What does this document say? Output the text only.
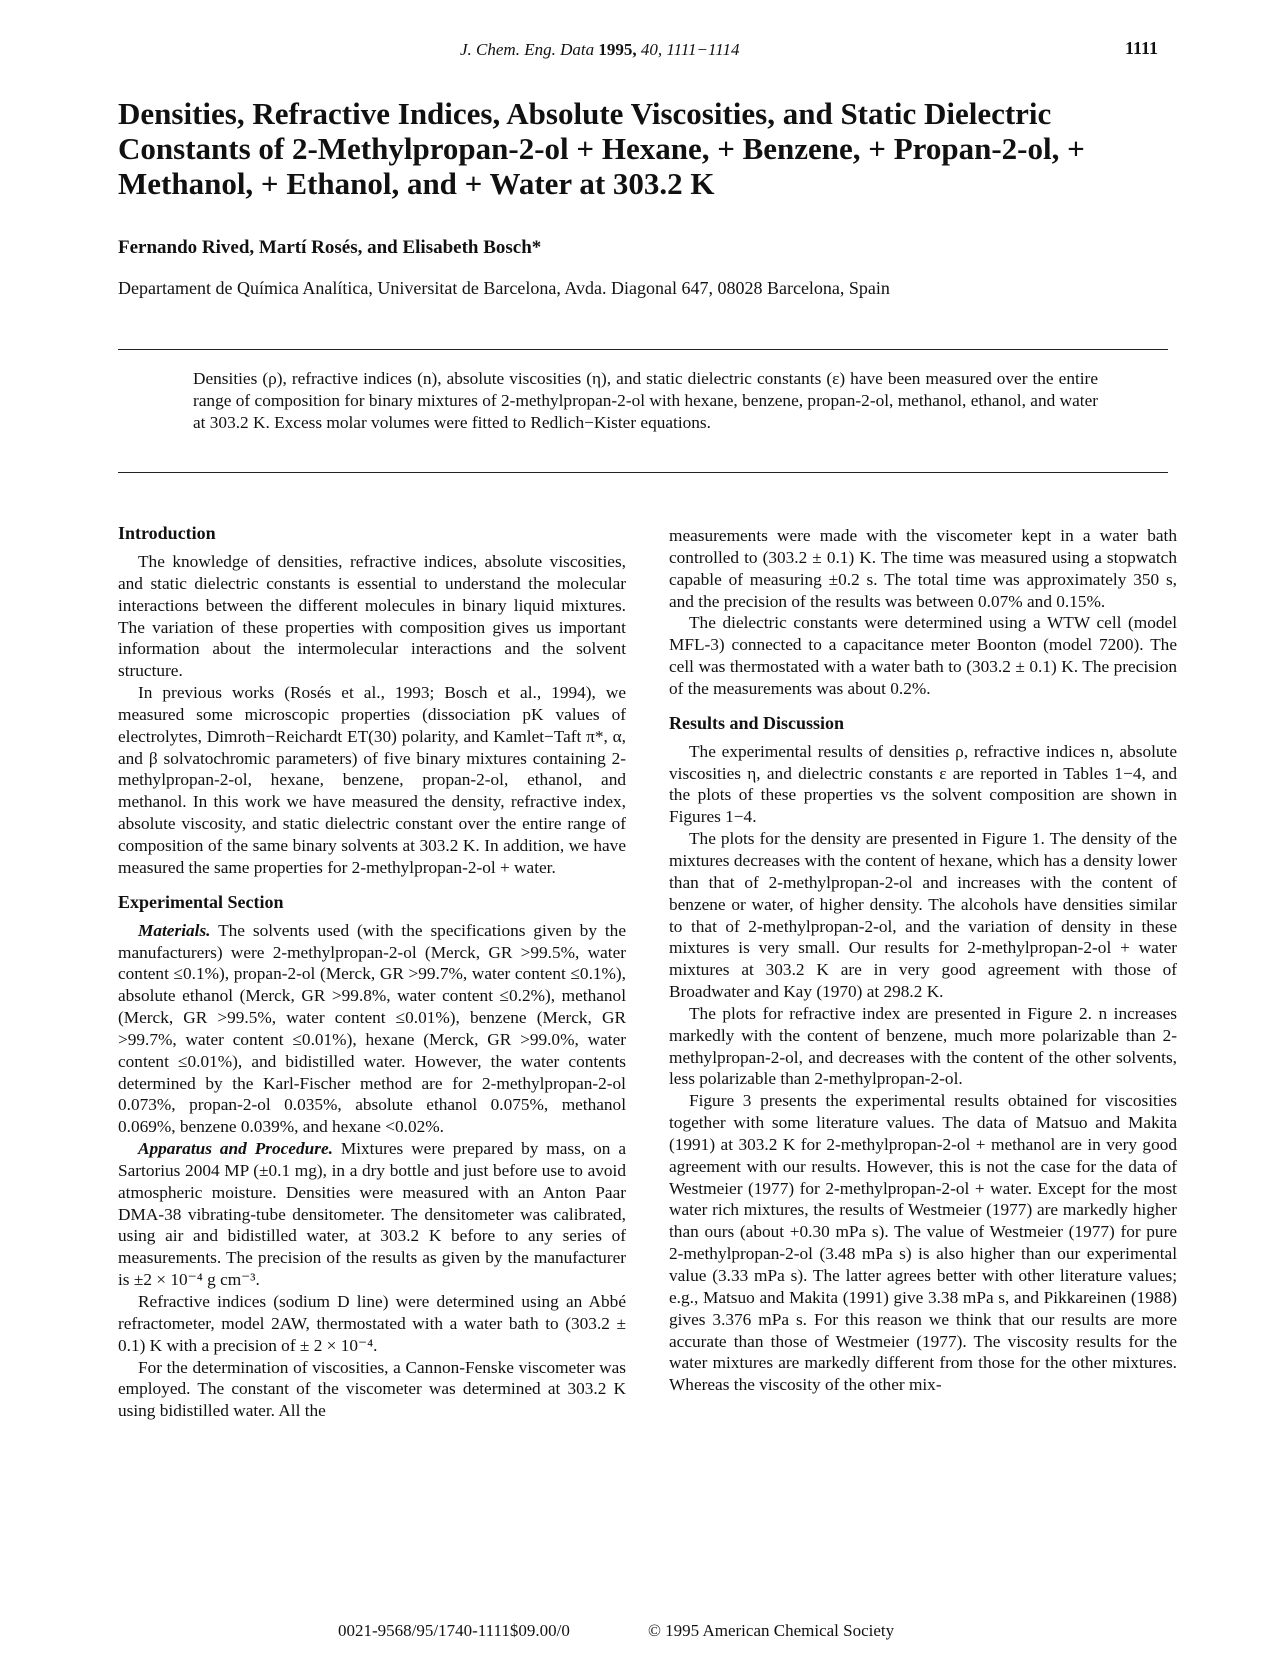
J. Chem. Eng. Data 1995, 40, 1111−1114	1111
Densities, Refractive Indices, Absolute Viscosities, and Static Dielectric Constants of 2-Methylpropan-2-ol + Hexane, + Benzene, + Propan-2-ol, + Methanol, + Ethanol, and + Water at 303.2 K
Fernando Rived, Martí Rosés, and Elisabeth Bosch*
Departament de Química Analítica, Universitat de Barcelona, Avda. Diagonal 647, 08028 Barcelona, Spain
Densities (ρ), refractive indices (n), absolute viscosities (η), and static dielectric constants (ε) have been measured over the entire range of composition for binary mixtures of 2-methylpropan-2-ol with hexane, benzene, propan-2-ol, methanol, ethanol, and water at 303.2 K. Excess molar volumes were fitted to Redlich−Kister equations.
Introduction

The knowledge of densities, refractive indices, absolute viscosities, and static dielectric constants is essential to understand the molecular interactions between the different molecules in binary liquid mixtures. The variation of these properties with composition gives us important information about the intermolecular interactions and the solvent structure.

In previous works (Rosés et al., 1993; Bosch et al., 1994), we measured some microscopic properties (dissociation pK values of electrolytes, Dimroth−Reichardt ET(30) polarity, and Kamlet−Taft π*, α, and β solvatochromic parameters) of five binary mixtures containing 2-methylpropan-2-ol, hexane, benzene, propan-2-ol, ethanol, and methanol. In this work we have measured the density, refractive index, absolute viscosity, and static dielectric constant over the entire range of composition of the same binary solvents at 303.2 K. In addition, we have measured the same properties for 2-methylpropan-2-ol + water.

Experimental Section

Materials. The solvents used (with the specifications given by the manufacturers) were 2-methylpropan-2-ol (Merck, GR >99.5%, water content ≤0.1%), propan-2-ol (Merck, GR >99.7%, water content ≤0.1%), absolute ethanol (Merck, GR >99.8%, water content ≤0.2%), methanol (Merck, GR >99.5%, water content ≤0.01%), benzene (Merck, GR >99.7%, water content ≤0.01%), hexane (Merck, GR >99.0%, water content ≤0.01%), and bidistilled water. However, the water contents determined by the Karl-Fischer method are for 2-methylpropan-2-ol 0.073%, propan-2-ol 0.035%, absolute ethanol 0.075%, methanol 0.069%, benzene 0.039%, and hexane <0.02%.

Apparatus and Procedure. Mixtures were prepared by mass, on a Sartorius 2004 MP (±0.1 mg), in a dry bottle and just before use to avoid atmospheric moisture. Densities were measured with an Anton Paar DMA-38 vibrating-tube densitometer. The densitometer was calibrated, using air and bidistilled water, at 303.2 K before to any series of measurements. The precision of the results as given by the manufacturer is ±2 × 10⁻⁴ g cm⁻³.

Refractive indices (sodium D line) were determined using an Abbé refractometer, model 2AW, thermostated with a water bath to (303.2 ± 0.1) K with a precision of ± 2 × 10⁻⁴.

For the determination of viscosities, a Cannon-Fenske viscometer was employed. The constant of the viscometer was determined at 303.2 K using bidistilled water. All the

measurements were made with the viscometer kept in a water bath controlled to (303.2 ± 0.1) K. The time was measured using a stopwatch capable of measuring ±0.2 s. The total time was approximately 350 s, and the precision of the results was between 0.07% and 0.15%.

The dielectric constants were determined using a WTW cell (model MFL-3) connected to a capacitance meter Boonton (model 7200). The cell was thermostated with a water bath to (303.2 ± 0.1) K. The precision of the measurements was about 0.2%.

Results and Discussion

The experimental results of densities ρ, refractive indices n, absolute viscosities η, and dielectric constants ε are reported in Tables 1−4, and the plots of these properties vs the solvent composition are shown in Figures 1−4.

The plots for the density are presented in Figure 1. The density of the mixtures decreases with the content of hexane, which has a density lower than that of 2-methylpropan-2-ol and increases with the content of benzene or water, of higher density. The alcohols have densities similar to that of 2-methylpropan-2-ol, and the variation of density in these mixtures is very small. Our results for 2-methylpropan-2-ol + water mixtures at 303.2 K are in very good agreement with those of Broadwater and Kay (1970) at 298.2 K.

The plots for refractive index are presented in Figure 2. n increases markedly with the content of benzene, much more polarizable than 2-methylpropan-2-ol, and decreases with the content of the other solvents, less polarizable than 2-methylpropan-2-ol.

Figure 3 presents the experimental results obtained for viscosities together with some literature values. The data of Matsuo and Makita (1991) at 303.2 K for 2-methylpropan-2-ol + methanol are in very good agreement with our results. However, this is not the case for the data of Westmeier (1977) for 2-methylpropan-2-ol + water. Except for the most water rich mixtures, the results of Westmeier (1977) are markedly higher than ours (about +0.30 mPa s). The value of Westmeier (1977) for pure 2-methylpropan-2-ol (3.48 mPa s) is also higher than our experimental value (3.33 mPa s). The latter agrees better with other literature values; e.g., Matsuo and Makita (1991) give 3.38 mPa s, and Pikkareinen (1988) gives 3.376 mPa s. For this reason we think that our results are more accurate than those of Westmeier (1977). The viscosity results for the water mixtures are markedly different from those for the other mixtures. Whereas the viscosity of the other mix-

0021-9568/95/1740-1111$09.00/0	© 1995 American Chemical Society
